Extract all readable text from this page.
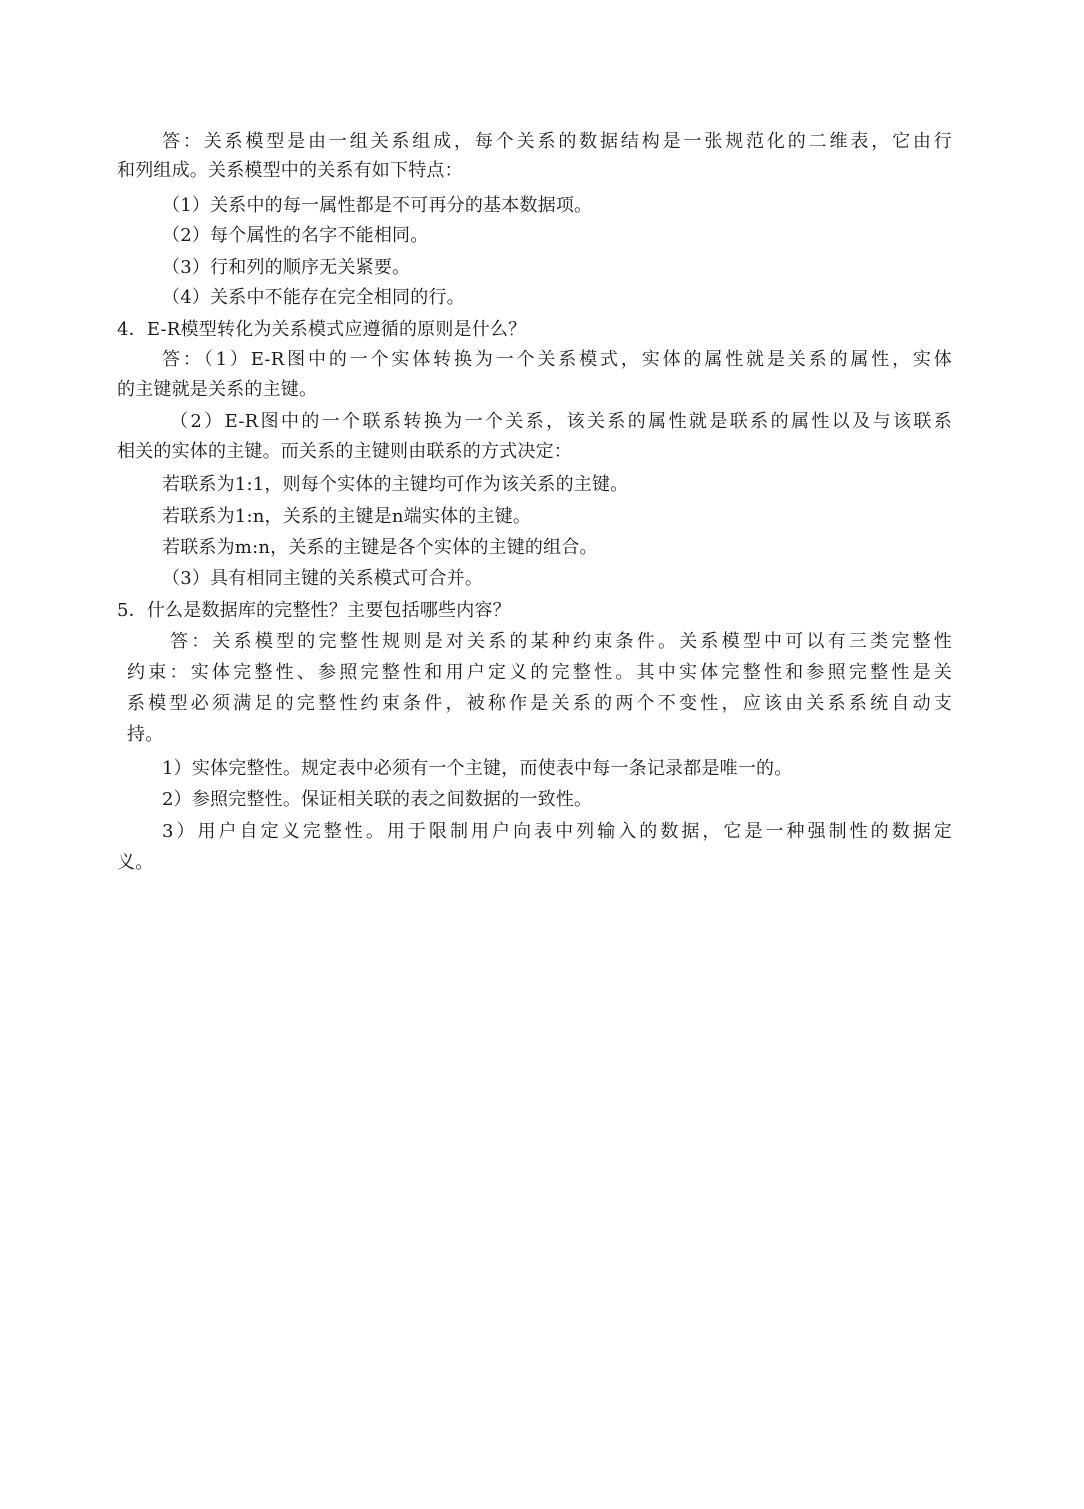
答：关系模型是由一组关系组成，每个关系的数据结构是一张规范化的二维表，它由行
和列组成。关系模型中的关系有如下特点：
（1）关系中的每一属性都是不可再分的基本数据项。
（2）每个属性的名字不能相同。
（3）行和列的顺序无关紧要。
（4）关系中不能存在完全相同的行。
4．E-R模型转化为关系模式应遵循的原则是什么？
答：（1）E-R图中的一个实体转换为一个关系模式，实体的属性就是关系的属性，实体
的主键就是关系的主键。
（2）E-R图中的一个联系转换为一个关系，该关系的属性就是联系的属性以及与该联系
相关的实体的主键。而关系的主键则由联系的方式决定：
若联系为1:1，则每个实体的主键均可作为该关系的主键。
若联系为1:n，关系的主键是n端实体的主键。
若联系为m:n，关系的主键是各个实体的主键的组合。
（3）具有相同主键的关系模式可合并。
5．什么是数据库的完整性？主要包括哪些内容？
答：关系模型的完整性规则是对关系的某种约束条件。关系模型中可以有三类完整性
约束：实体完整性、参照完整性和用户定义的完整性。其中实体完整性和参照完整性是关
系模型必须满足的完整性约束条件，被称作是关系的两个不变性，应该由关系系统自动支
持。
1）实体完整性。规定表中必须有一个主键，而使表中每一条记录都是唯一的。
2）参照完整性。保证相关联的表之间数据的一致性。
3）用户自定义完整性。用于限制用户向表中列输入的数据，它是一种强制性的数据定
义。
